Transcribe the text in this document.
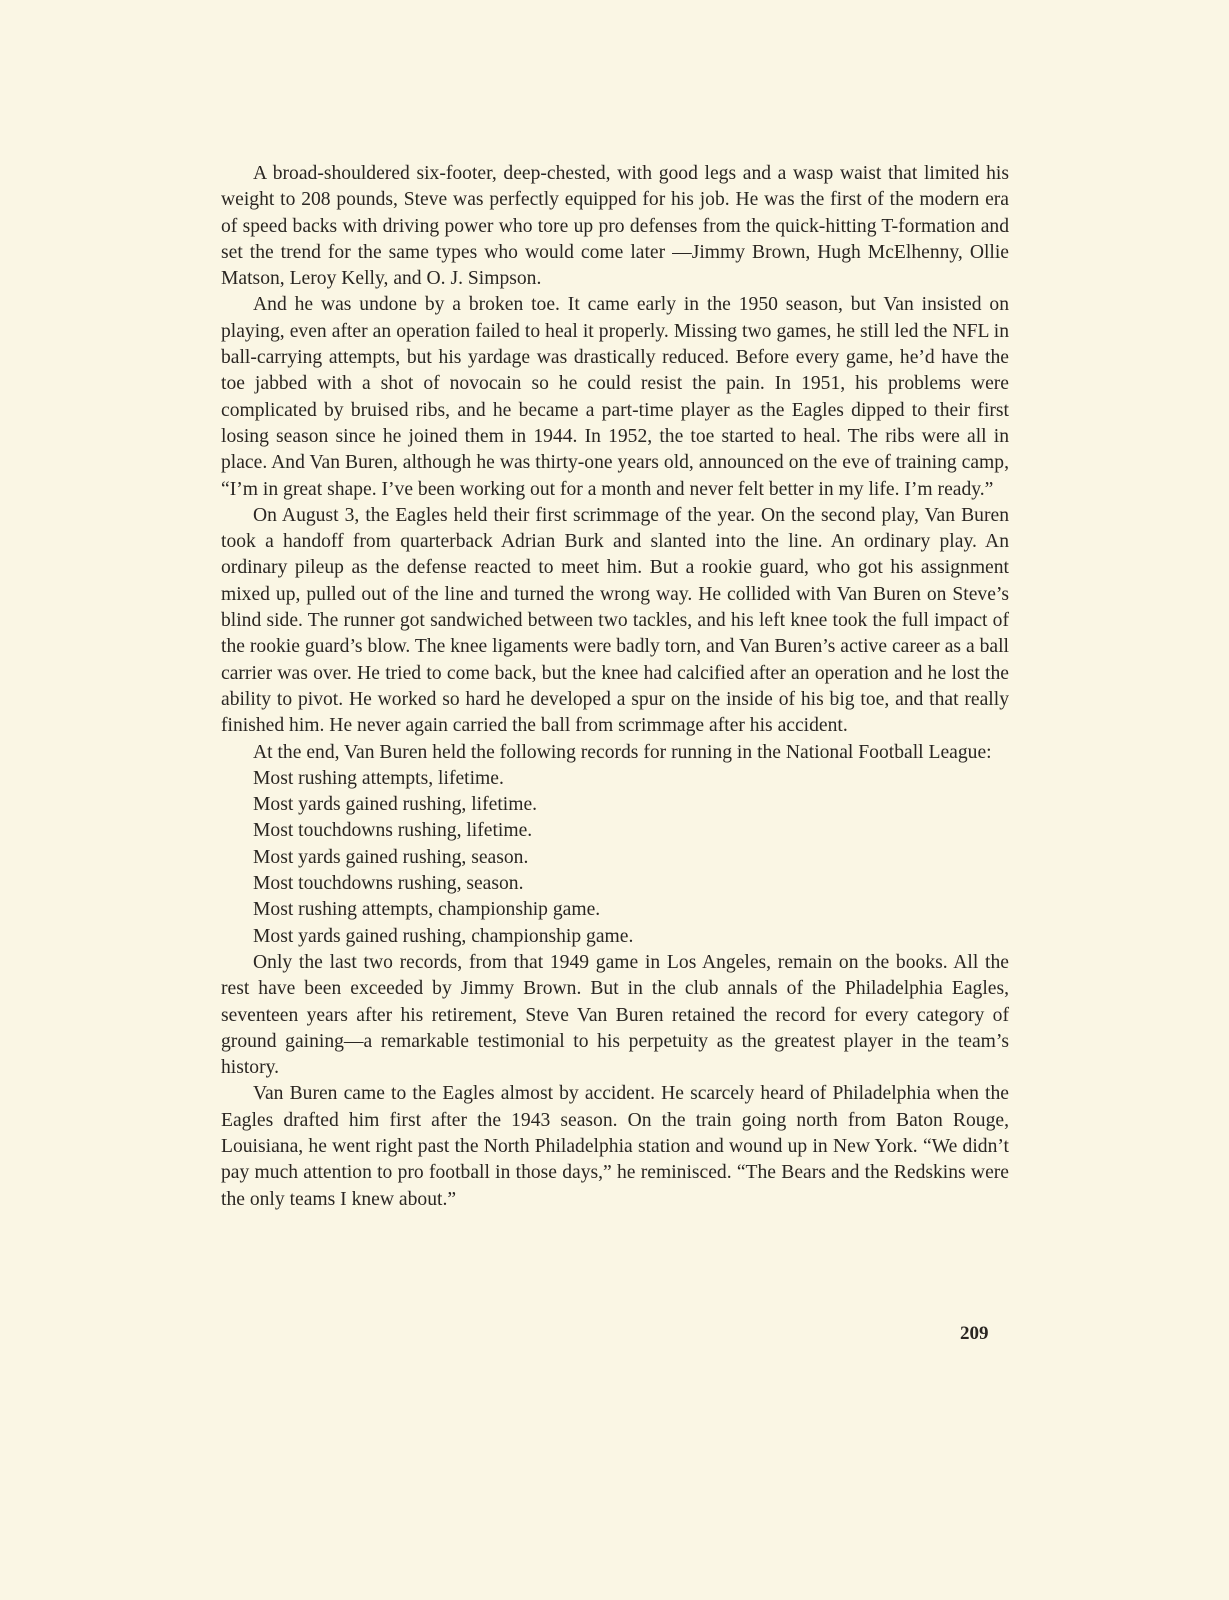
A broad-shouldered six-footer, deep-chested, with good legs and a wasp waist that limited his weight to 208 pounds, Steve was perfectly equipped for his job. He was the first of the modern era of speed backs with driving power who tore up pro defenses from the quick-hitting T-formation and set the trend for the same types who would come later —Jimmy Brown, Hugh McElhenny, Ollie Matson, Leroy Kelly, and O. J. Simpson.

And he was undone by a broken toe. It came early in the 1950 season, but Van insisted on playing, even after an operation failed to heal it properly. Missing two games, he still led the NFL in ball-carrying attempts, but his yardage was drastically reduced. Before every game, he’d have the toe jabbed with a shot of novocain so he could resist the pain. In 1951, his problems were complicated by bruised ribs, and he became a part-time player as the Eagles dipped to their first losing season since he joined them in 1944. In 1952, the toe started to heal. The ribs were all in place. And Van Buren, although he was thirty-one years old, announced on the eve of training camp, “I’m in great shape. I’ve been working out for a month and never felt better in my life. I’m ready.”

On August 3, the Eagles held their first scrimmage of the year. On the second play, Van Buren took a handoff from quarterback Adrian Burk and slanted into the line. An ordinary play. An ordinary pileup as the defense reacted to meet him. But a rookie guard, who got his assignment mixed up, pulled out of the line and turned the wrong way. He collided with Van Buren on Steve’s blind side. The runner got sandwiched between two tackles, and his left knee took the full impact of the rookie guard’s blow. The knee ligaments were badly torn, and Van Buren’s active career as a ball carrier was over. He tried to come back, but the knee had calcified after an operation and he lost the ability to pivot. He worked so hard he developed a spur on the inside of his big toe, and that really finished him. He never again carried the ball from scrimmage after his accident.

At the end, Van Buren held the following records for running in the National Football League:

Most rushing attempts, lifetime.
Most yards gained rushing, lifetime.
Most touchdowns rushing, lifetime.
Most yards gained rushing, season.
Most touchdowns rushing, season.
Most rushing attempts, championship game.
Most yards gained rushing, championship game.

Only the last two records, from that 1949 game in Los Angeles, remain on the books. All the rest have been exceeded by Jimmy Brown. But in the club annals of the Philadelphia Eagles, seventeen years after his retirement, Steve Van Buren retained the record for every category of ground gaining—a remarkable testimonial to his perpetuity as the greatest player in the team’s history.

Van Buren came to the Eagles almost by accident. He scarcely heard of Philadelphia when the Eagles drafted him first after the 1943 season. On the train going north from Baton Rouge, Louisiana, he went right past the North Philadelphia station and wound up in New York. “We didn’t pay much attention to pro football in those days,” he reminisced. “The Bears and the Redskins were the only teams I knew about.”

209
